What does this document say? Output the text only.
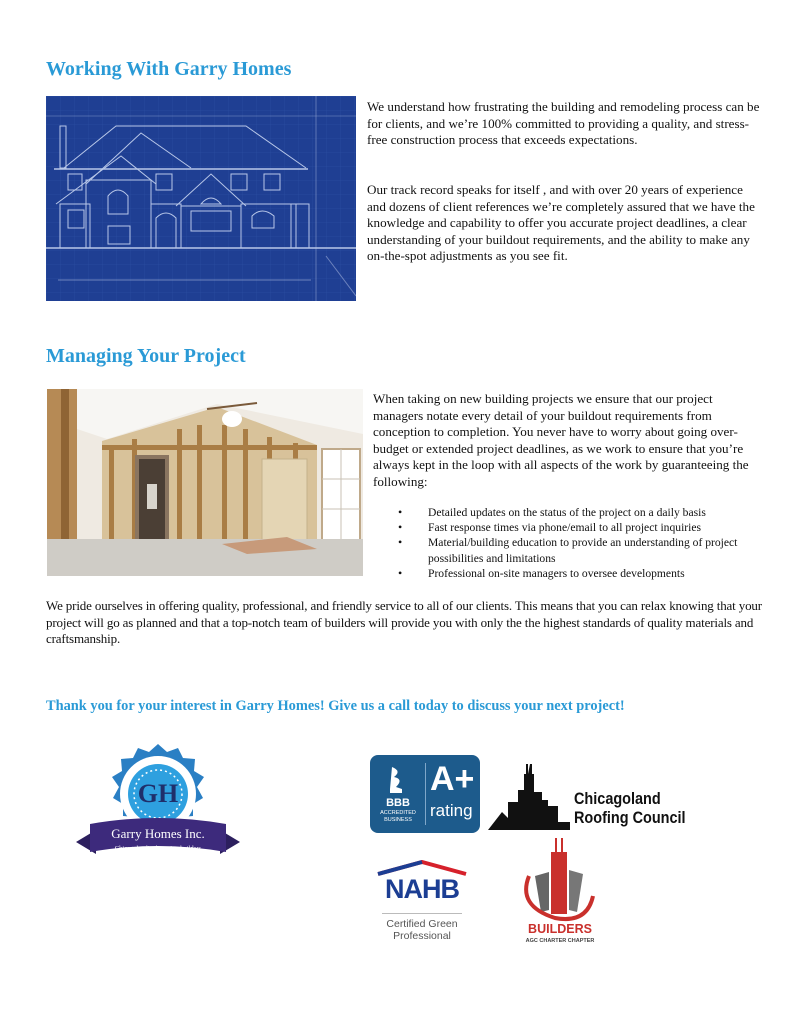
Working With Garry Homes

We understand how frustrating the building and remodeling process can be for clients, and we’re 100% committed to providing a quality, and stress-free construction process that exceeds expectations.

Our track record speaks for itself , and with over 20 years of experience and dozens of client references we’re completely assured that we have the knowledge and capability to offer you accurate project deadlines, a clear understanding of your buildout requirements, and the ability to make any on-the-spot adjustments as you see fit.

Managing Your Project

When taking on new building projects we ensure that our project managers notate every detail of your buildout requirements from conception to completion. You never have to worry about going over-budget or extended project deadlines, as we work to ensure that you’re always kept in the loop with all aspects of the work by guaranteeing the following:

• Detailed updates on the status of the project on a daily basis
• Fast response times via phone/email to all project inquiries
• Material/building education to provide an understanding of project possibilities and limitations
• Professional on-site managers to oversee developments

We pride ourselves in offering quality, professional, and friendly service to all of our clients. This means that you can relax knowing that your project will go as planned and that a top-notch team of builders will provide you with only the the highest standards of quality materials and craftsmanship.

Thank you for your interest in Garry Homes! Give us a call today to discuss your next project!

GH
Garry Homes Inc.
Chicagoland's champion builders
BBB
ACCREDITED
BUSINESS
A+
rating
Chicagoland
Roofing Council
NAHB
Certified Green
Professional	BUILDERS
AGC CHARTER CHAPTER
